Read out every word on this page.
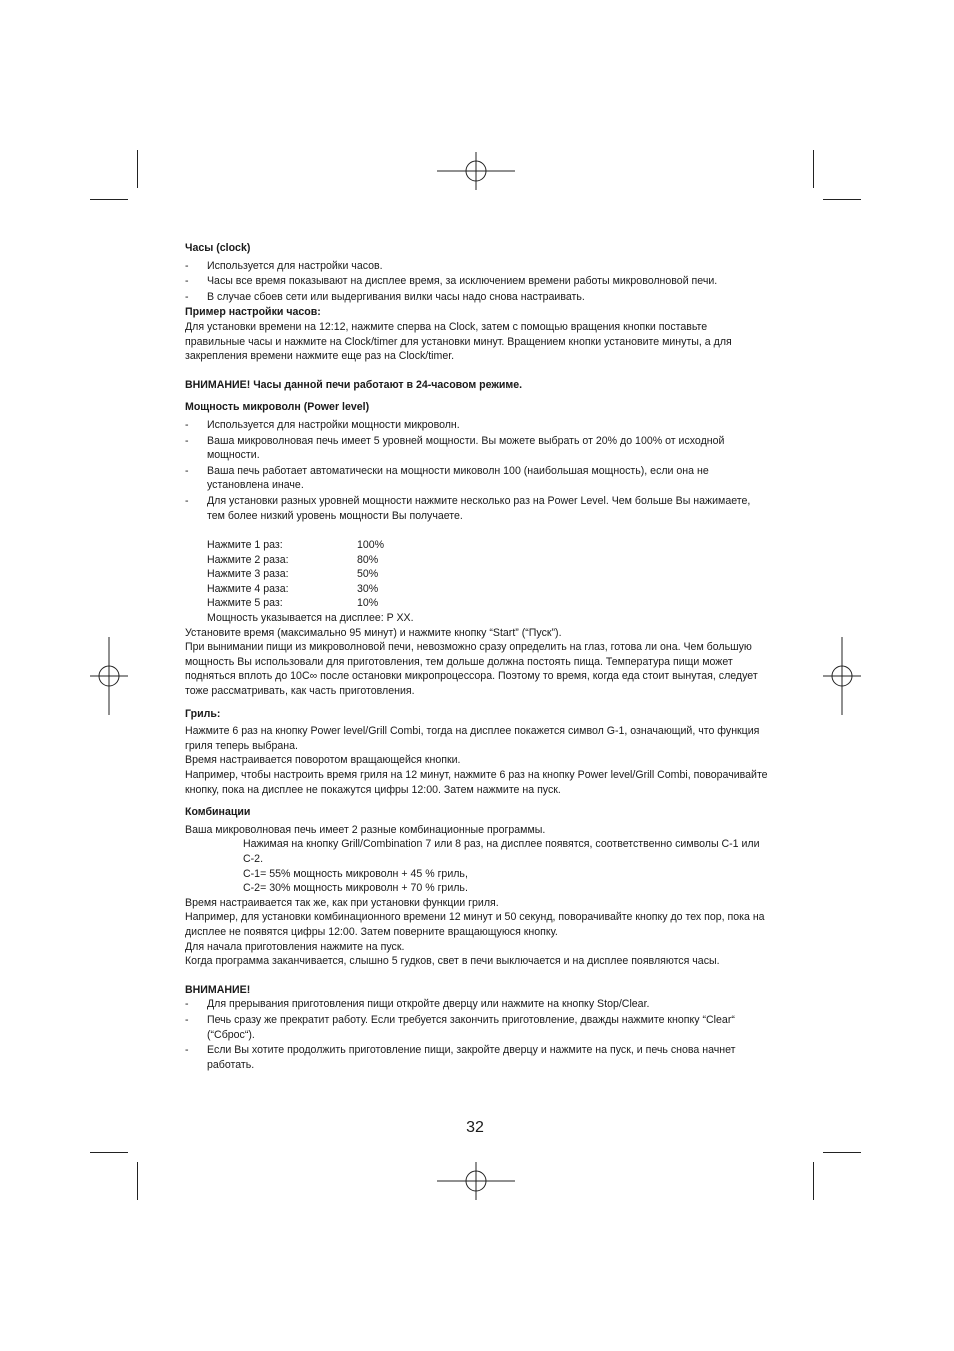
Часы (clock)

- Используется для настройки часов.
- Часы все время показывают на дисплее время, за исключением времени работы микроволновой печи.
- В случае сбоев сети или выдергивания вилки часы надо снова настраивать.

Пример настройки часов:

Для установки времени на 12:12, нажмите сперва на Clock, затем с помощью вращения кнопки поставьте правильные часы и нажмите на Clock/timer для установки минут. Вращением кнопки установите минуты, а для закрепления времени нажмите еще раз на Clock/timer.

ВНИМАНИЕ! Часы данной печи работают в 24-часовом режиме.

Мощность микроволн (Power level)

- Используется для настройки мощности микроволн.
- Ваша микроволновая печь имеет 5 уровней мощности. Вы можете выбрать от 20% до 100% от исходной мощности.
- Ваша печь работает автоматически на мощности миковолн 100 (наибольшая мощность), если она не установлена иначе.
- Для установки разных уровней мощности нажмите несколько раз на Power Level. Чем больше Вы нажимаете, тем более низкий уровень мощности Вы получаете.
Нажмите 1 раз:	100%
Нажмите 2 раза:	80%
Нажмите 3 раза:	50%
Нажмите 4 раза:	30%
Нажмите 5 раз:	10%
Мощность указывается на дисплее: P XX.

Установите время (максимально 95 минут) и нажмите кнопку “Start” (“Пуск”).

При вынимании пищи из микроволновой печи, невозможно сразу определить на глаз, готова ли она. Чем большую мощность Вы использовали для приготовления, тем дольше должна постоять пища. Температура пищи может подняться вплоть до 10C∞ после остановки микропроцессора. Поэтому то время, когда еда стоит вынутая, следует тоже рассматривать, как часть приготовления.

Гриль:

Нажмите 6 раз на кнопку Power level/Grill Combi, тогда на дисплее покажется символ G-1, означающий, что функция гриля теперь выбрана.

Время настраивается поворотом вращающейся кнопки.

Например, чтобы настроить время гриля на 12 минут, нажмите 6 раз на кнопку Power level/Grill Combi, поворачивайте кнопку, пока на дисплее не покажутся цифры 12:00. Затем нажмите на пуск.

Комбинации

Ваша микроволновая печь имеет 2 разные комбинационные программы.

Нажимая на кнопку Grill/Combination 7 или 8 раз, на дисплее появятся, соответственно символы C-1 или C-2.

C-1= 55% мощность микроволн + 45 % гриль,

C-2= 30% мощность микроволн + 70 % гриль.

Время настраивается так же, как при установки функции гриля.

Например, для установки комбинационного времени 12 минут и 50 секунд, поворачивайте кнопку до тех пор, пока на дисплее не появятся цифры 12:00. Затем поверните вращающуюся кнопку.

Для начала приготовления нажмите на пуск.

Когда программа заканчивается, слышно 5 гудков, свет в печи выключается и на дисплее появляются часы.

ВНИМАНИЕ!

- Для прерывания приготовления пищи откройте дверцу или нажмите на кнопку Stop/Clear.
- Печь сразу же прекратит работу. Если требуется закончить приготовление, дважды нажмите кнопку “Clear“ (“Сброс“).
- Если Вы хотите продолжить приготовление пищи, закройте дверцу и нажмите на пуск, и печь снова начнет работать.
32
